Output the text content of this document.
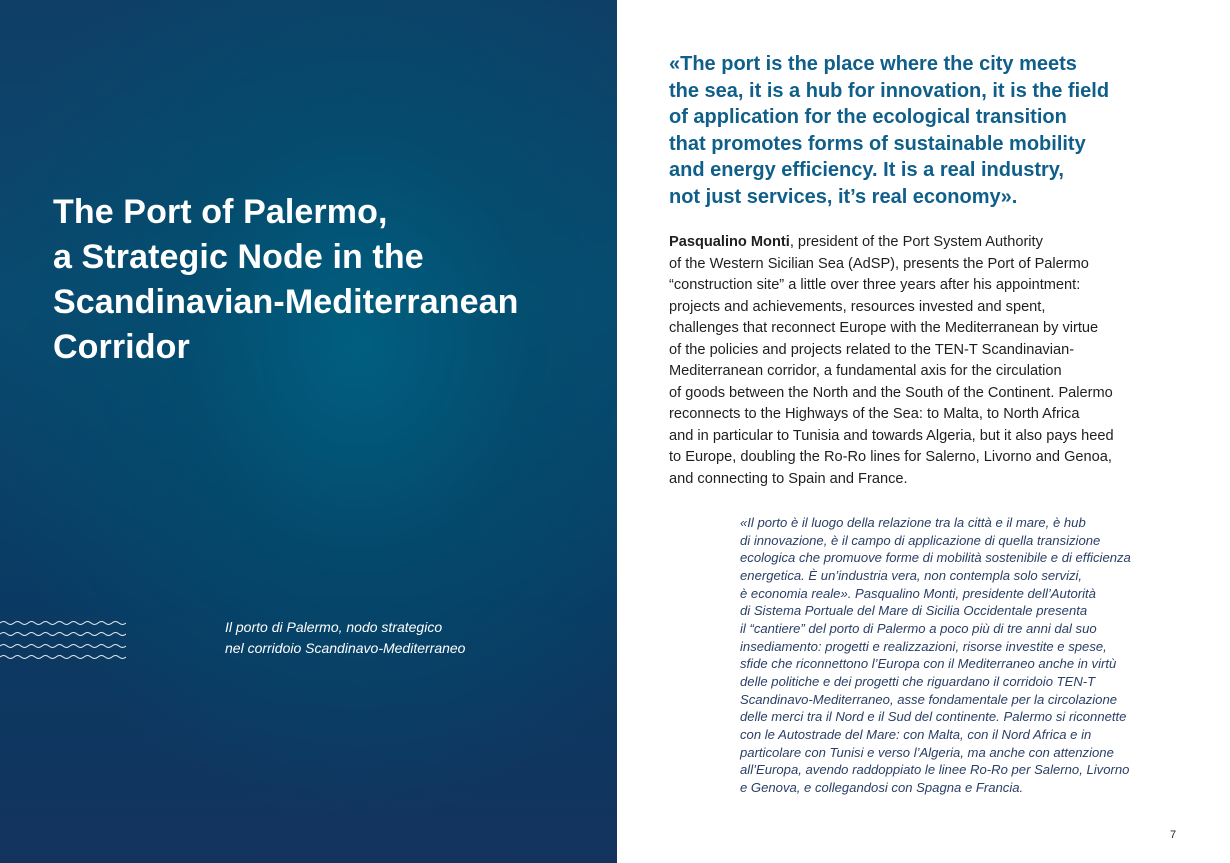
The Port of Palermo,
a Strategic Node in the
Scandinavian-Mediterranean
Corridor
Il porto di Palermo, nodo strategico
nel corridoio Scandinavo-Mediterraneo
«The port is the place where the city meets
the sea, it is a hub for innovation, it is the field
of application for the ecological transition
that promotes forms of sustainable mobility
and energy efficiency. It is a real industry,
not just services, it’s real economy».
Pasqualino Monti, president of the Port System Authority
of the Western Sicilian Sea (AdSP), presents the Port of Palermo
“construction site” a little over three years after his appointment:
projects and achievements, resources invested and spent,
challenges that reconnect Europe with the Mediterranean by virtue
of the policies and projects related to the TEN-T Scandinavian-
Mediterranean corridor, a fundamental axis for the circulation
of goods between the North and the South of the Continent. Palermo
reconnects to the Highways of the Sea: to Malta, to North Africa
and in particular to Tunisia and towards Algeria, but it also pays heed
to Europe, doubling the Ro-Ro lines for Salerno, Livorno and Genoa,
and connecting to Spain and France.
«Il porto è il luogo della relazione tra la città e il mare, è hub
di innovazione, è il campo di applicazione di quella transizione
ecologica che promuove forme di mobilità sostenibile e di efficienza
energetica. È un’industria vera, non contempla solo servizi,
è economia reale». Pasqualino Monti, presidente dell’Autorità
di Sistema Portuale del Mare di Sicilia Occidentale presenta
il “cantiere” del porto di Palermo a poco più di tre anni dal suo
insediamento: progetti e realizzazioni, risorse investite e spese,
sfide che riconnettono l’Europa con il Mediterraneo anche in virtù
delle politiche e dei progetti che riguardano il corridoio TEN-T
Scandinavo-Mediterraneo, asse fondamentale per la circolazione
delle merci tra il Nord e il Sud del continente. Palermo si riconnette
con le Autostrade del Mare: con Malta, con il Nord Africa e in
particolare con Tunisi e verso l’Algeria, ma anche con attenzione
all’Europa, avendo raddoppiato le linee Ro-Ro per Salerno, Livorno
e Genova, e collegandosi con Spagna e Francia.
7
